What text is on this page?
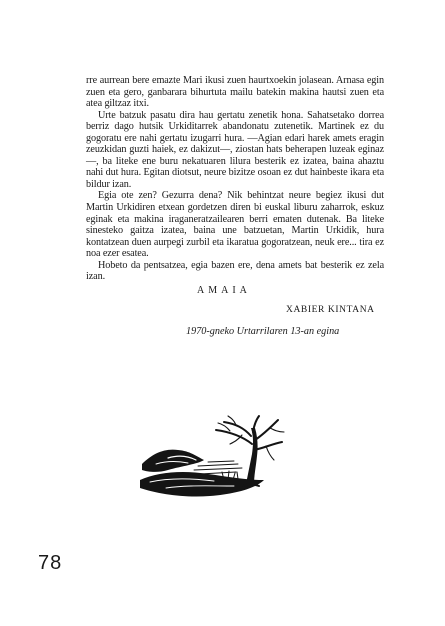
rre aurrean bere emazte Mari ikusi zuen haurtxoekin jolasean. Arnasa egin zuen eta gero, ganbarara bihurtuta mailu batekin makina hautsi zuen eta atea giltzaz itxi.

Urte batzuk pasatu dira hau gertatu zenetik hona. Sahatsetako dorrea berriz dago hutsik Urkiditarrek abandonatu zutenetik. Martinek ez du gogoratu ere nahi gertatu izugarri hura. —Agian edari harek amets eragin zeuzkidan guzti haiek, ez dakizut—, ziostan hats beherapen luzeak eginaz—, ba liteke ene buru nekatuaren lilura besterik ez izatea, baina ahaztu nahi dut hura. Egitan diotsut, neure bizitze osoan ez dut hainbeste ikara eta bildur izan.

Egia ote zen? Gezurra dena? Nik behintzat neure begiez ikusi dut Martin Urkidiren etxean gordetzen diren bi euskal liburu zaharrok, eskuz eginak eta makina iraganeratzailearen berri ematen dutenak. Ba liteke sinesteko gaitza izatea, baina une batzuetan, Martin Urkidik, hura kontatzean duen aurpegi zurbil eta ikaratua gogoratzean, neuk ere... tira ez noa ezer esatea.

Hobeto da pentsatzea, egia bazen ere, dena amets bat besterik ez zela izan.

AMAIA
XABIER KINTANA
1970-gneko Urtarrilaren 13-an egina
78
